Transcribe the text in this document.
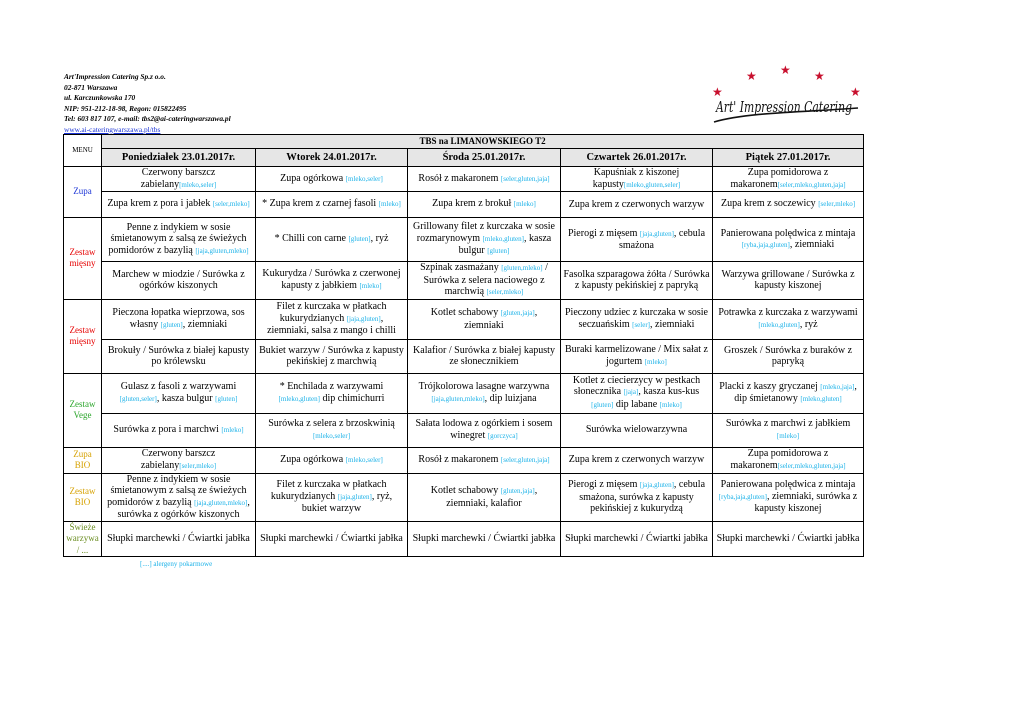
Art'Impression Catering Sp.z o.o.
02-871 Warszawa
ul. Karczunkowska 170
NIP: 951-212-18-98, Regon: 015822495
Tel: 603 817 107, e-mail: tbs2@ai-cateringwarszawa.pl
www.ai-cateringwarszawa.pl/tbs
★ ★ ★
★	★
Art' Impression Catering
MENU	TBS na LIMANOWSKIEGO T2				
	Poniedziałek 23.01.2017r.	Wtorek 24.01.2017r.	Środa 25.01.2017r.	Czwartek 26.01.2017r.	Piątek 27.01.2017r.
Zupa	Czerwony barszcz zabielany[mleko,seler]	Zupa ogórkowa [mleko,seler]	Rosół z makaronem [seler,gluten,jaja]	Kapuśniak z kiszonej kapusty[mleko,gluten,seler]	Zupa pomidorowa z makaronem[seler,mleko,gluten,jaja]
	Zupa krem z pora i jabłek [seler,mleko]	* Zupa krem z czarnej fasoli [mleko]	Zupa krem z brokuł [mleko]	Zupa krem z czerwonych warzyw	Zupa krem z soczewicy [seler,mleko]
Zestaw mięsny	Penne z indykiem w sosie śmietanowym z salsą ze świeżych pomidorów z bazylią [jaja,gluten,mleko]	* Chilli con carne [gluten], ryż	Grillowany filet z kurczaka w sosie rozmarynowym [mleko,gluten], kasza bulgur [gluten]	Pierogi z mięsem [jaja,gluten], cebula smażona	Panierowana polędwica z mintaja [ryba,jaja,gluten], ziemniaki
	Marchew w miodzie / Surówka z ogórków kiszonych	Kukurydza / Surówka z czerwonej kapusty z jabłkiem [mleko]	Szpinak zasmażany [gluten,mleko] / Surówka z selera naciowego z marchwią [seler,mleko]	Fasolka szparagowa żółta / Surówka z kapusty pekińskiej z papryką	Warzywa grillowane / Surówka z kapusty kiszonej
Zestaw mięsny	Pieczona łopatka wieprzowa, sos własny [gluten], ziemniaki	Filet z kurczaka w płatkach kukurydzianych [jaja,gluten], ziemniaki, salsa z mango i chilli	Kotlet schabowy [gluten,jaja], ziemniaki	Pieczony udziec z kurczaka w sosie seczuańskim [seler], ziemniaki	Potrawka z kurczaka z warzywami [mleko,gluten], ryż
	Brokuły / Surówka z białej kapusty po królewsku	Bukiet warzyw / Surówka z kapusty pekińskiej z marchwią	Kalafior / Surówka z białej kapusty ze słonecznikiem	Buraki karmelizowane / Mix sałat z jogurtem [mleko]	Groszek / Surówka z buraków z papryką
Zestaw Vege	Gulasz z fasoli z warzywami [gluten,seler], kasza bulgur [gluten]	* Enchilada z warzywami [mleko,gluten] dip chimichurri	Trójkolorowa lasagne warzywna [jaja,gluten,mleko], dip luizjana	Kotlet z ciecierzycy w pestkach słonecznika [jaja], kasza kus-kus [gluten] dip labane [mleko]	Placki z kaszy gryczanej [mleko,jaja], dip śmietanowy [mleko,gluten]
	Surówka z pora i marchwi [mleko]	Surówka z selera z brzoskwinią [mleko,seler]	Sałata lodowa z ogórkiem i sosem winegret [gorczyca]	Surówka wielowarzywna	Surówka z marchwi z jabłkiem [mleko]
Zupa BIO	Czerwony barszcz zabielany[seler,mleko]	Zupa ogórkowa [mleko,seler]	Rosół z makaronem [seler,gluten,jaja]	Zupa krem z czerwonych warzyw	Zupa pomidorowa z makaronem[seler,mleko,gluten,jaja]
Zestaw BIO	Penne z indykiem w sosie śmietanowym z salsą ze świeżych pomidorów z bazylią [jaja,gluten,mleko], surówka z ogórków kiszonych	Filet z kurczaka w płatkach kukurydzianych [jaja,gluten], ryż, bukiet warzyw	Kotlet schabowy [gluten,jaja], ziemniaki, kalafior	Pierogi z mięsem [jaja,gluten], cebula smażona, surówka z kapusty pekińskiej z kukurydzą	Panierowana polędwica z mintaja [ryba,jaja,gluten], ziemniaki, surówka z kapusty kiszonej
Świeże warzywa / ...	Słupki marchewki / Ćwiartki jabłka	Słupki marchewki / Ćwiartki jabłka	Słupki marchewki / Ćwiartki jabłka	Słupki marchewki / Ćwiartki jabłka	Słupki marchewki / Ćwiartki jabłka
[....] alergeny pokarmowe
